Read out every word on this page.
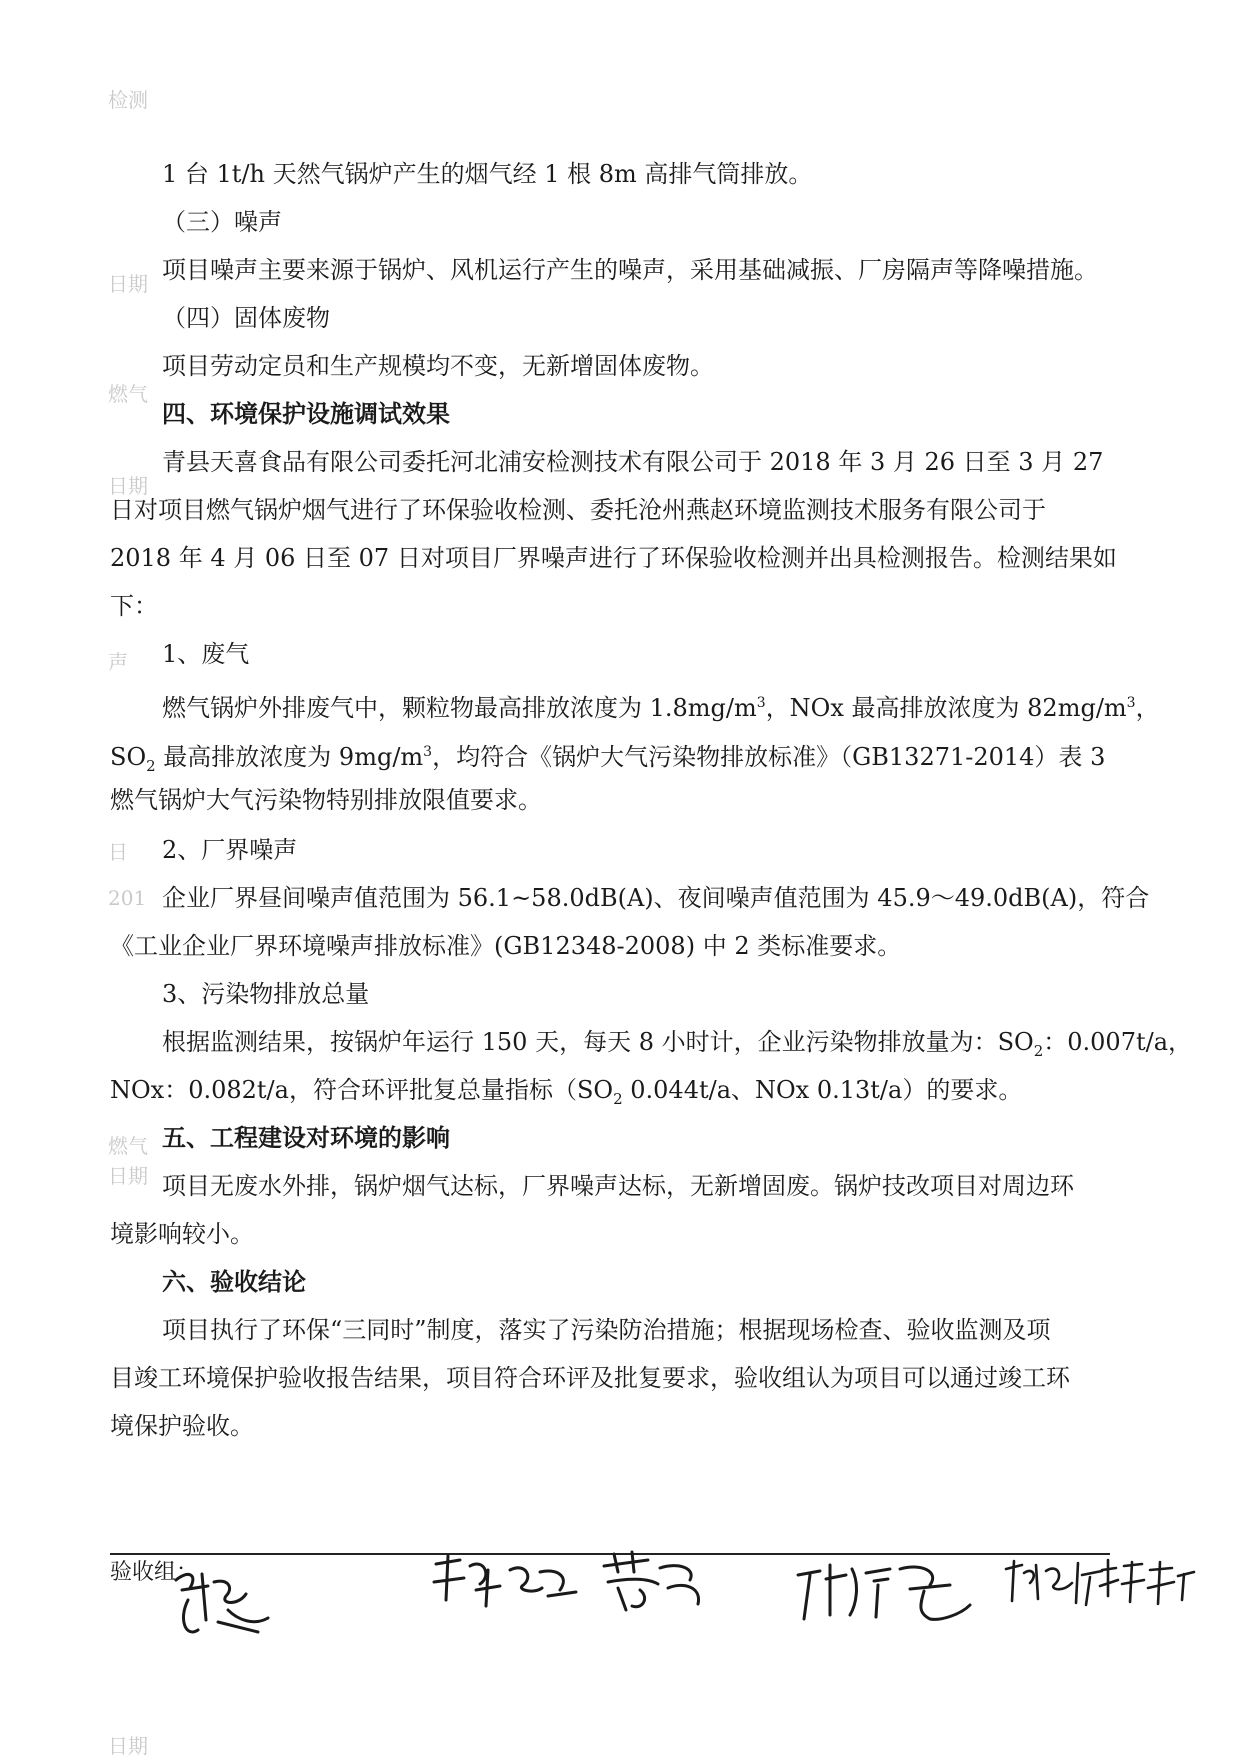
检测
日期
燃气
日期
声
日
201
日期
燃气
日期
1 台 1t/h 天然气锅炉产生的烟气经 1 根 8m 高排气筒排放。
（三）噪声
项目噪声主要来源于锅炉、风机运行产生的噪声，采用基础减振、厂房隔声等降噪措施。
（四）固体废物
项目劳动定员和生产规模均不变，无新增固体废物。
四、环境保护设施调试效果
青县天喜食品有限公司委托河北浦安检测技术有限公司于 2018 年 3 月 26 日至 3 月 27
日对项目燃气锅炉烟气进行了环保验收检测、委托沧州燕赵环境监测技术服务有限公司于
2018 年 4 月 06 日至 07 日对项目厂界噪声进行了环保验收检测并出具检测报告。检测结果如
下：
1、废气
燃气锅炉外排废气中，颗粒物最高排放浓度为 $1.8mg/m^3$，NOx 最高排放浓度为 $82mg/m^3$，
$SO_2$ 最高排放浓度为 $9mg/m^3$，均符合《锅炉大气污染物排放标准》（GB13271-2014）表 3
燃气锅炉大气污染物特别排放限值要求。
2、厂界噪声
企业厂界昼间噪声值范围为 56.1~58.0dB(A)、夜间噪声值范围为 45.9～49.0dB(A)，符合
《工业企业厂界环境噪声排放标准》(GB12348-2008) 中 2 类标准要求。
3、污染物排放总量
根据监测结果，按锅炉年运行 150 天，每天 8 小时计，企业污染物排放量为：$SO_2$：0.007t/a，
NOx：0.082t/a，符合环评批复总量指标（$SO_2$ 0.044t/a、NOx 0.13t/a）的要求。
五、工程建设对环境的影响
项目无废水外排，锅炉烟气达标，厂界噪声达标，无新增固废。锅炉技改项目对周边环
境影响较小。
六、验收结论
项目执行了环保“三同时”制度，落实了污染防治措施；根据现场检查、验收监测及项
目竣工环境保护验收报告结果，项目符合环评及批复要求，验收组认为项目可以通过竣工环
境保护验收。
验收组：
